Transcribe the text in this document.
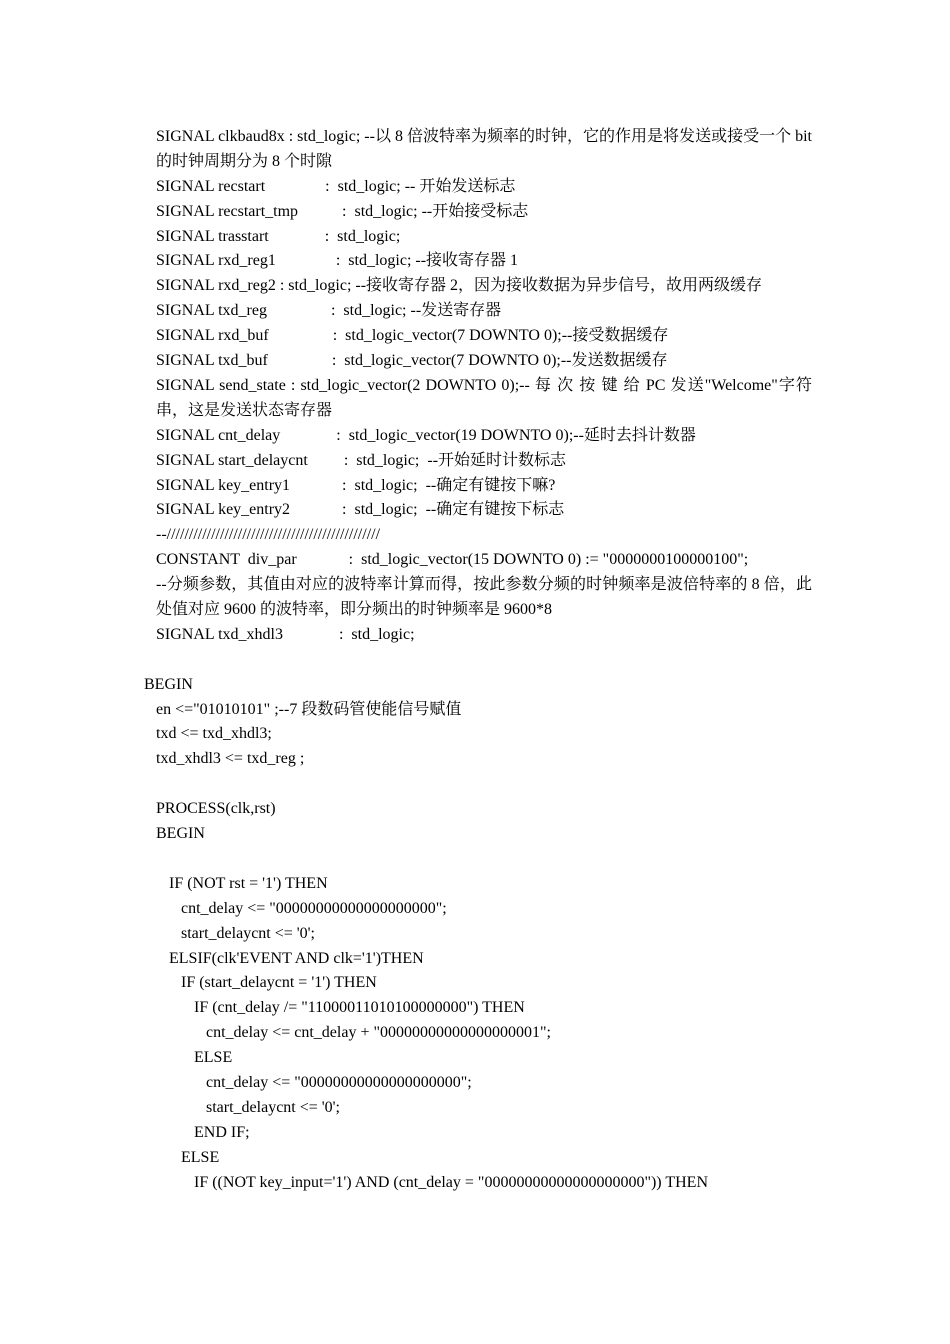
SIGNAL clkbaud8x : std_logic; --以 8 倍波特率为频率的时钟，它的作用是将发送或接受一个 bit 的时钟周期分为 8 个时隙
SIGNAL recstart               :  std_logic; -- 开始发送标志
SIGNAL recstart_tmp           :  std_logic; --开始接受标志
SIGNAL trasstart              :  std_logic;
SIGNAL rxd_reg1               :  std_logic; --接收寄存器 1
SIGNAL rxd_reg2 : std_logic; --接收寄存器 2，因为接收数据为异步信号，故用两级缓存
SIGNAL txd_reg                :  std_logic; --发送寄存器
SIGNAL rxd_buf                :  std_logic_vector(7 DOWNTO 0);--接受数据缓存
SIGNAL txd_buf                :  std_logic_vector(7 DOWNTO 0);--发送数据缓存
SIGNAL send_state : std_logic_vector(2 DOWNTO 0);-- 每 次 按 键 给 PC 发送"Welcome"字符串，这是发送状态寄存器
SIGNAL cnt_delay              :  std_logic_vector(19 DOWNTO 0);--延时去抖计数器
SIGNAL start_delaycnt         :  std_logic;  --开始延时计数标志
SIGNAL key_entry1             :  std_logic;  --确定有键按下嘛?
SIGNAL key_entry2             :  std_logic;  --确定有键按下标志
--////////////////////////////////////////////////
CONSTANT  div_par             :  std_logic_vector(15 DOWNTO 0) := "0000000100000100";
--分频参数，其值由对应的波特率计算而得，按此参数分频的时钟频率是波倍特率的 8 倍，此处值对应 9600 的波特率，即分频出的时钟频率是 9600*8
SIGNAL txd_xhdl3              :  std_logic;
BEGIN
en <="01010101" ;--7 段数码管使能信号赋值
txd <= txd_xhdl3;
txd_xhdl3 <= txd_reg ;
PROCESS(clk,rst)
BEGIN
IF (NOT rst = '1') THEN
cnt_delay <= "00000000000000000000";
start_delaycnt <= '0';
ELSIF(clk'EVENT AND clk='1')THEN
IF (start_delaycnt = '1') THEN
IF (cnt_delay /= "11000011010100000000") THEN
cnt_delay <= cnt_delay + "00000000000000000001";
ELSE
cnt_delay <= "00000000000000000000";
start_delaycnt <= '0';
END IF;
ELSE
IF ((NOT key_input='1') AND (cnt_delay = "00000000000000000000")) THEN
